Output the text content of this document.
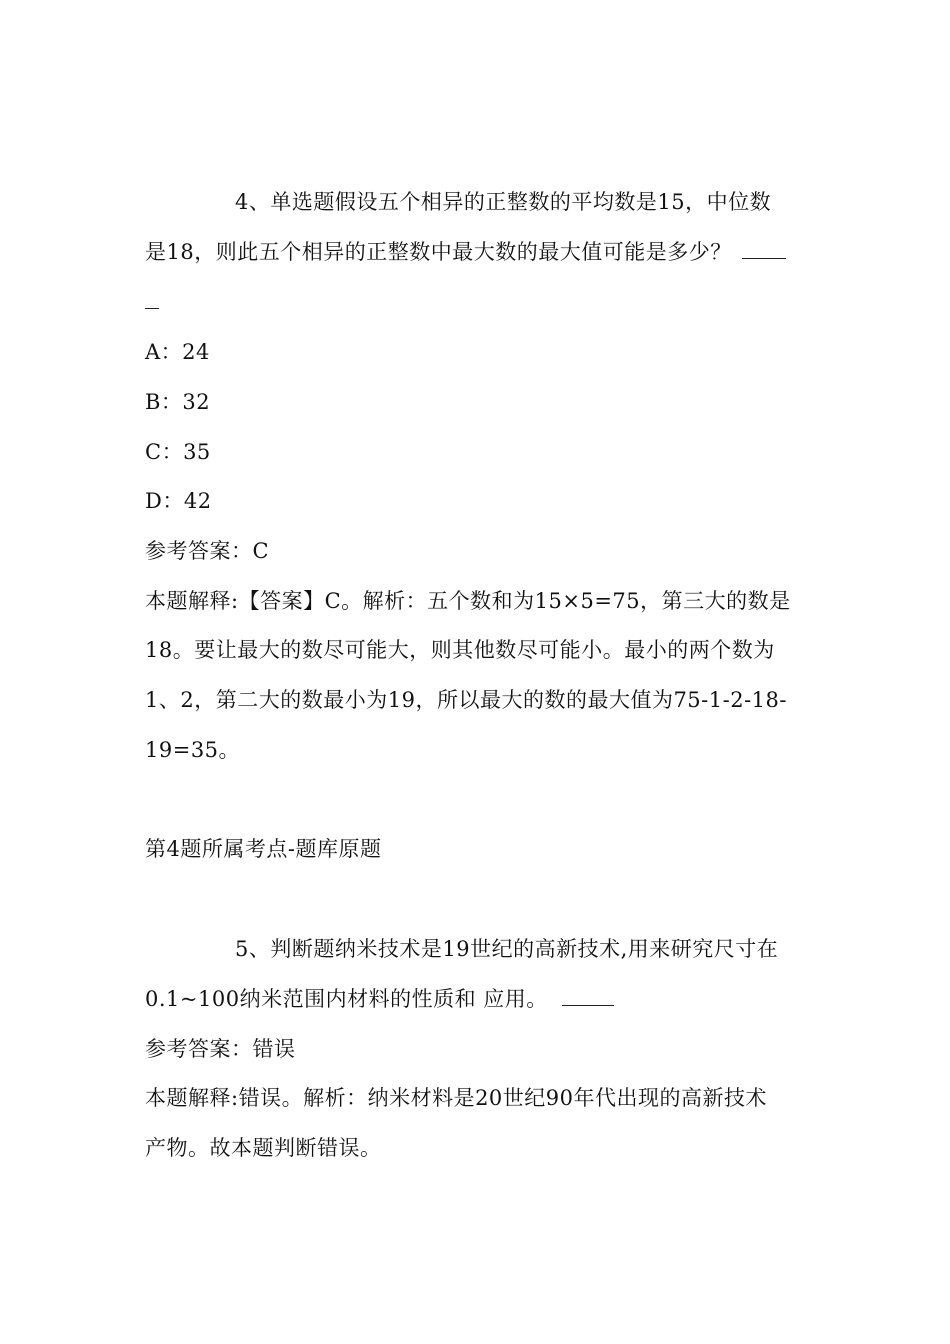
4、单选题假设五个相异的正整数的平均数是15，中位数
是18，则此五个相异的正整数中最大数的最大值可能是多少？
A：24
B：32
C：35
D：42
参考答案：C
本题解释:【答案】C。解析：五个数和为15×5=75，第三大的数是
18。要让最大的数尽可能大，则其他数尽可能小。最小的两个数为
1、2，第二大的数最小为19，所以最大的数的最大值为75-1-2-18-
19=35。
第4题所属考点-题库原题
5、判断题纳米技术是19世纪的高新技术,用来研究尺寸在
0.1~100纳米范围内材料的性质和 应用。
参考答案：错误
本题解释:错误。解析：纳米材料是20世纪90年代出现的高新技术
产物。故本题判断错误。
